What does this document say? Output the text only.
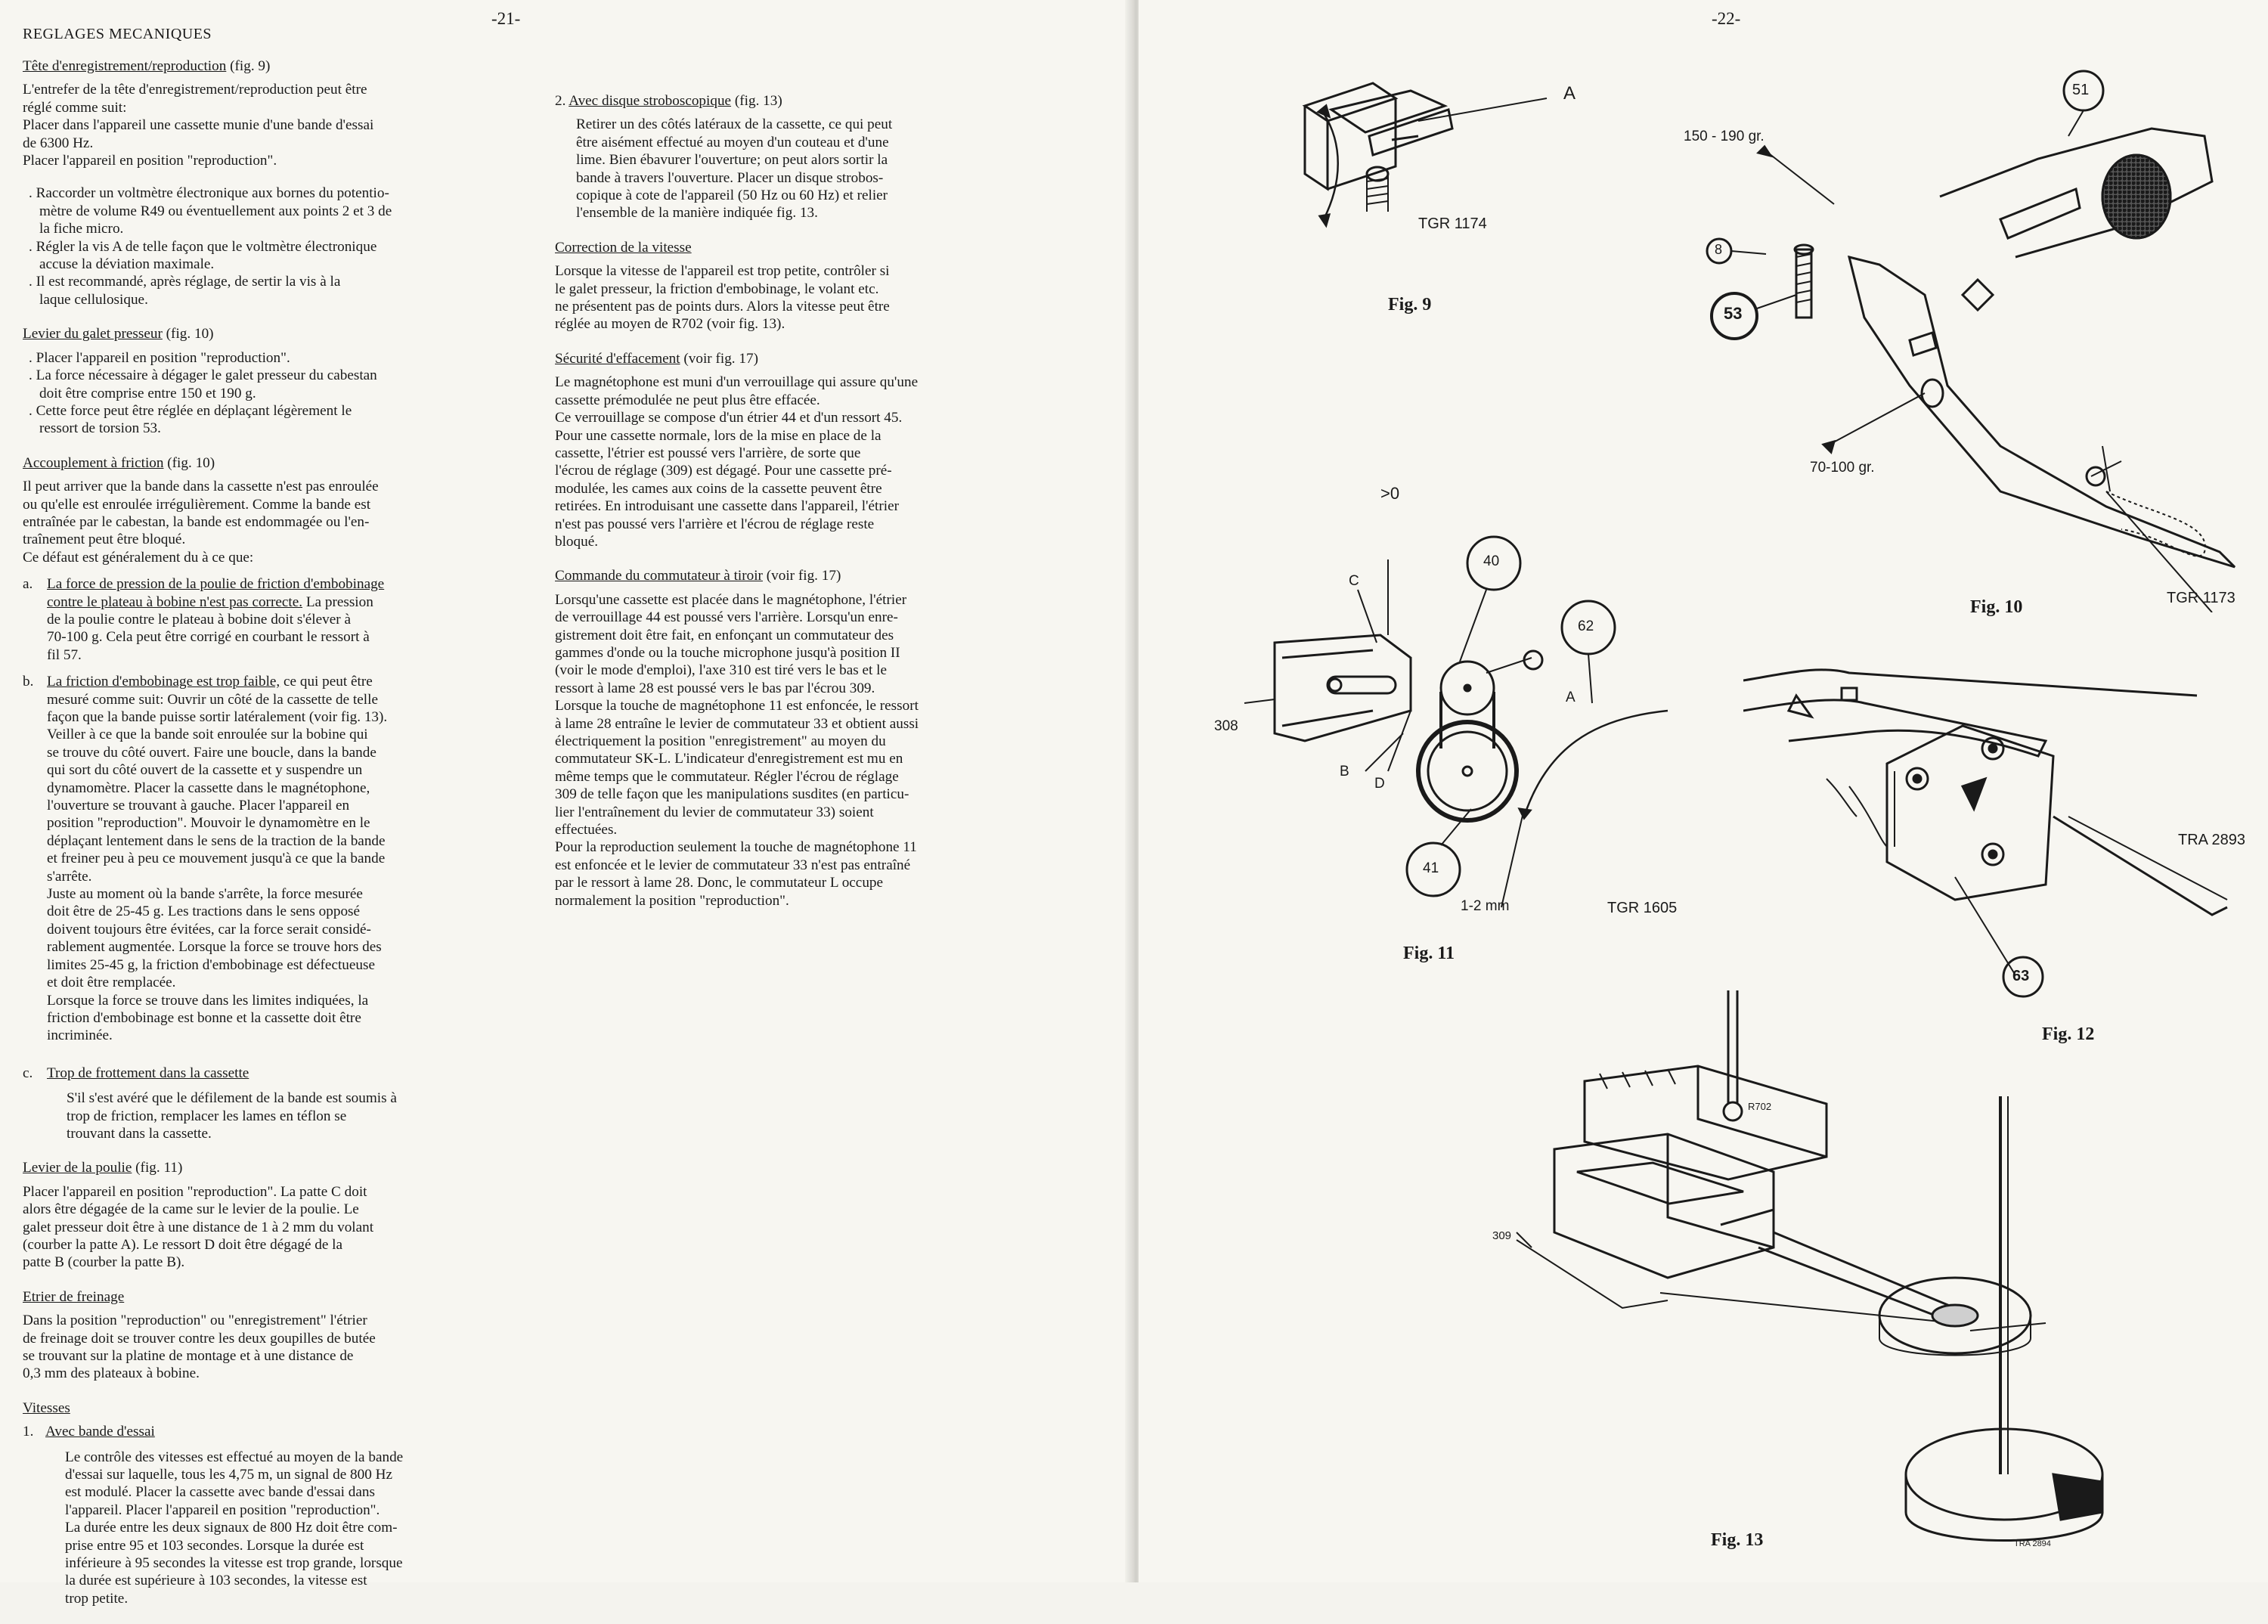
-21-
REGLAGES MECANIQUES

Tête d'enregistrement/reproduction (fig. 9)

L'entrefer de la tête d'enregistrement/reproduction peut être

réglé comme suit:

Placer dans l'appareil une cassette munie d'une bande d'essai

de 6300 Hz.

Placer l'appareil en position "reproduction".

. Raccorder un voltmètre électronique aux bornes du potentio-
mètre de volume R49 ou éventuellement aux points 2 et 3 de
la fiche micro.

. Régler la vis A de telle façon que le voltmètre électronique
accuse la déviation maximale.

. Il est recommandé, après réglage, de sertir la vis à la
laque cellulosique.

Levier du galet presseur (fig. 10)

. Placer l'appareil en position "reproduction".

. La force nécessaire à dégager le galet presseur du cabestan
doit être comprise entre 150 et 190 g.

. Cette force peut être réglée en déplaçant légèrement le
ressort de torsion 53.

Accouplement à friction (fig. 10)

Il peut arriver que la bande dans la cassette n'est pas enroulée

ou qu'elle est enroulée irrégulièrement. Comme la bande est

entraînée par le cabestan, la bande est endommagée ou l'en-

traînement peut être bloqué.

Ce défaut est généralement du à ce que:

a. La force de pression de la poulie de friction d'embobinage

contre le plateau à bobine n'est pas correcte. La pression
de la poulie contre le plateau à bobine doit s'élever à
70-100 g. Cela peut être corrigé en courbant le ressort à
fil 57.

b. La friction d'embobinage est trop faible, ce qui peut être
mesuré comme suit: Ouvrir un côté de la cassette de telle
façon que la bande puisse sortir latéralement (voir fig. 13).
Veiller à ce que la bande soit enroulée sur la bobine qui
se trouve du côté ouvert. Faire une boucle, dans la bande
qui sort du côté ouvert de la cassette et y suspendre un
dynamomètre. Placer la cassette dans le magnétophone,
l'ouverture se trouvant à gauche. Placer l'appareil en
position "reproduction". Mouvoir le dynamomètre en le
déplaçant lentement dans le sens de la traction de la bande
et freiner peu à peu ce mouvement jusqu'à ce que la bande
s'arrête.
Juste au moment où la bande s'arrête, la force mesurée
doit être de 25-45 g. Les tractions dans le sens opposé
doivent toujours être évitées, car la force serait considé-
rablement augmentée. Lorsque la force se trouve hors des
limites 25-45 g, la friction d'embobinage est défectueuse
et doit être remplacée.
Lorsque la force se trouve dans les limites indiquées, la
friction d'embobinage est bonne et la cassette doit être
incriminée.

c. Trop de frottement dans la cassette

S'il s'est avéré que le défilement de la bande est soumis à
trop de friction, remplacer les lames en téflon se
trouvant dans la cassette.

Levier de la poulie (fig. 11)

Placer l'appareil en position "reproduction". La patte C doit
alors être dégagée de la came sur le levier de la poulie. Le
galet presseur doit être à une distance de 1 à 2 mm du volant
(courber la patte A). Le ressort D doit être dégagé de la
patte B (courber la patte B).

Etrier de freinage

Dans la position "reproduction" ou "enregistrement" l'étrier
de freinage doit se trouver contre les deux goupilles de butée
se trouvant sur la platine de montage et à une distance de
0,3 mm des plateaux à bobine.

Vitesses

1. Avec bande d'essai

Le contrôle des vitesses est effectué au moyen de la bande
d'essai sur laquelle, tous les 4,75 m, un signal de 800 Hz
est modulé. Placer la cassette avec bande d'essai dans
l'appareil. Placer l'appareil en position "reproduction".
La durée entre les deux signaux de 800 Hz doit être com-
prise entre 95 et 103 secondes. Lorsque la durée est
inférieure à 95 secondes la vitesse est trop grande, lorsque
la durée est supérieure à 103 secondes, la vitesse est
trop petite.

2. Avec disque stroboscopique (fig. 13)

Retirer un des côtés latéraux de la cassette, ce qui peut
être aisément effectué au moyen d'un couteau et d'une
lime. Bien ébavurer l'ouverture; on peut alors sortir la
bande à travers l'ouverture. Placer un disque strobos-
copique à cote de l'appareil (50 Hz ou 60 Hz) et relier
l'ensemble de la manière indiquée fig. 13.

Correction de la vitesse

Lorsque la vitesse de l'appareil est trop petite, contrôler si
le galet presseur, la friction d'embobinage, le volant etc.
ne présentent pas de points durs. Alors la vitesse peut être
réglée au moyen de R702 (voir fig. 13).

Sécurité d'effacement (voir fig. 17)

Le magnétophone est muni d'un verrouillage qui assure qu'une
cassette prémodulée ne peut plus être effacée.
Ce verrouillage se compose d'un étrier 44 et d'un ressort 45.
Pour une cassette normale, lors de la mise en place de la
cassette, l'étrier est poussé vers l'arrière, de sorte que
l'écrou de réglage (309) est dégagé. Pour une cassette pré-
modulée, les cames aux coins de la cassette peuvent être
retirées. En introduisant une cassette dans l'appareil, l'étrier
n'est pas poussé vers l'arrière et l'écrou de réglage reste
bloqué.

Commande du commutateur à tiroir (voir fig. 17)

Lorsqu'une cassette est placée dans le magnétophone, l'étrier
de verrouillage 44 est poussé vers l'arrière. Lorsqu'un enre-
gistrement doit être fait, en enfonçant un commutateur des
gammes d'onde ou la touche microphone jusqu'à position II
(voir le mode d'emploi), l'axe 310 est tiré vers le bas et le
ressort à lame 28 est poussé vers le bas par l'écrou 309.
Lorsque la touche de magnétophone 11 est enfoncée, le ressort
à lame 28 entraîne le levier de commutateur 33 et obtient aussi
électriquement la position "enregistrement" au moyen du
commutateur SK-L. L'indicateur d'enregistrement est mu en
même temps que le commutateur. Régler l'écrou de réglage
309 de telle façon que les manipulations susdites (en particu-
lier l'entraînement du levier de commutateur 33) soient
effectuées.
Pour la reproduction seulement la touche de magnétophone 11
est enfoncée et le levier de commutateur 33 n'est pas entraîné
par le ressort à lame 28. Donc, le commutateur L occupe
normalement la position "reproduction".

-22-
A
TGR 1174
Fig. 9
51
8
53
150 - 190 gr.
70-100 gr.
TGR 1173
Fig. 10
>0
C
40
62
308
A
B
D
41
1-2 mm	TGR 1605
Fig. 11
63
TRA 2893
Fig. 12
R702
309
TRA 2894
Fig. 13
